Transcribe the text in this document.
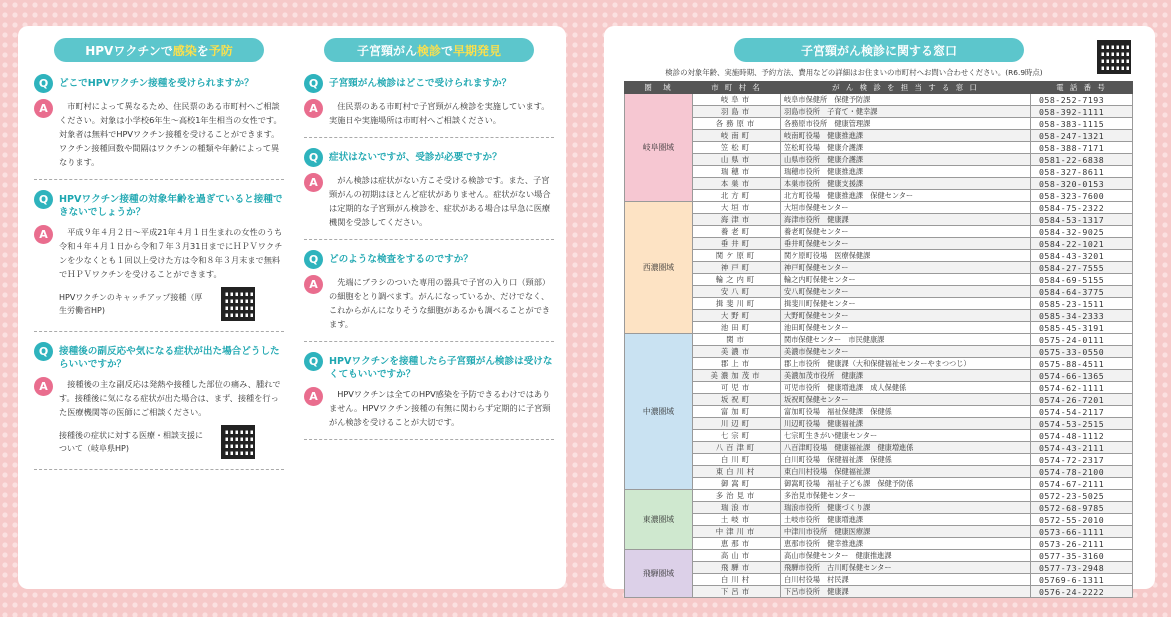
HPVワクチンで 感染 を 予防
Q	どこでHPVワクチン接種を受けられますか？
A	市町村によって異なるため、住民票のある市町村へご相談ください。対象は小学校6年生〜高校1年生相当の女性です。対象者は無料でHPVワクチン接種を受けることができます。ワクチン接種回数や間隔はワクチンの種類や年齢によって異なります。
Q	HPVワクチン接種の対象年齢を過ぎていると接種できないでしょうか？
A	平成９年４月２日〜平成21年４月１日生まれの女性のうち令和４年４月１日から令和７年３月31日までにＨＰＶワクチンを少なくとも１回以上受けた方は令和８年３月末まで無料でＨＰＶワクチンを受けることができます。
HPVワクチンのキャッチアップ接種（厚生労働省HP)
Q	接種後の副反応や気になる症状が出た場合どうしたらいいですか？
A	接種後の主な副反応は発熱や接種した部位の痛み、腫れです。接種後に気になる症状が出た場合は、まず、接種を行った医療機関等の医師にご相談ください。
接種後の症状に対する医療・相談支援について（岐阜県HP)
子宮頸がん 検診 で 早期発見
Q	子宮頸がん検診はどこで受けられますか？
A	住民票のある市町村で子宮頸がん検診を実施しています。実施日や実施場所は市町村へご相談ください。
Q	症状はないですが、受診が必要ですか？
A	がん検診は症状がない方こそ受ける検診です。また、子宮頸がんの初期はほとんど症状がありません。症状がない場合は定期的な子宮頸がん検診を、症状がある場合は早急に医療機関を受診してください。
Q	どのような検査をするのですか？
A	先端にブラシのついた専用の器具で子宮の入り口（頸部）の細胞をとり調べます。がんになっているか、だけでなく、これからがんになりそうな細胞があるかも調べることができます。
Q	HPVワクチンを接種したら子宮頸がん検診は受けなくてもいいですか？
A	HPVワクチンは全てのHPV感染を予防できるわけではありません。HPVワクチン接種の有無に関わらず定期的に子宮頸がん検診を受けることが大切です。
子宮頸がん検診に関する窓口
検診の対象年齢、実施時期、予約方法、費用などの詳細はお住まいの市町村へお問い合わせください。(R6.9時点)
圏　域	市 町 村 名	が ん 検 診 を 担 当 す る 窓 口	電 話 番 号
岐阜圏域	岐阜市	岐阜市保健所　保健予防課	058-252-7193
	羽島市	羽島市役所　子育て・健幸課	058-392-1111
	各務原市	各務原市役所　健康管理課	058-383-1115
	岐南町	岐南町役場　健康推進課	058-247-1321
	笠松町	笠松町役場　健康介護課	058-388-7171
	山県市	山県市役所　健康介護課	0581-22-6838
	瑞穂市	瑞穂市役所　健康推進課	058-327-8611
	本巣市	本巣市役所　健康支援課	058-320-0153
	北方町	北方町役場　健康推進課　保健センター	058-323-7600
西濃圏域	大垣市	大垣市保健センター	0584-75-2322
	海津市	海津市役所　健康課	0584-53-1317
	養老町	養老町保健センター	0584-32-9025
	垂井町	垂井町保健センター	0584-22-1021
	関ケ原町	関ケ原町役場　医療保健課	0584-43-3201
	神戸町	神戸町保健センター	0584-27-7555
	輪之内町	輪之内町保健センター	0584-69-5155
	安八町	安八町保健センター	0584-64-3775
	揖斐川町	揖斐川町保健センター	0585-23-1511
	大野町	大野町保健センター	0585-34-2333
	池田町	池田町保健センター	0585-45-3191
中濃圏域	関市	関市保健センター　市民健康課	0575-24-0111
	美濃市	美濃市保健センター	0575-33-0550
	郡上市	郡上市役所　健康課（大和保健福祉センターやまつつじ）	0575-88-4511
	美濃加茂市	美濃加茂市役所　健康課	0574-66-1365
	可児市	可児市役所　健康増進課　成人保健係	0574-62-1111
	坂祝町	坂祝町保健センター	0574-26-7201
	富加町	富加町役場　福祉保健課　保健係	0574-54-2117
	川辺町	川辺町役場　健康福祉課	0574-53-2515
	七宗町	七宗町生きがい健康センター	0574-48-1112
	八百津町	八百津町役場　健康福祉課　健康増進係	0574-43-2111
	白川町	白川町役場　保健福祉課　保健係	0574-72-2317
	東白川村	東白川村役場　保健福祉課	0574-78-2100
	御嵩町	御嵩町役場　福祉子ども課　保健予防係	0574-67-2111
東濃圏域	多治見市	多治見市保健センター	0572-23-5025
	瑞浪市	瑞浪市役所　健康づくり課	0572-68-9785
	土岐市	土岐市役所　健康増進課	0572-55-2010
	中津川市	中津川市役所　健康医療課	0573-66-1111
	恵那市	恵那市役所　健幸推進課	0573-26-2111
飛騨圏域	高山市	高山市保健センター　健康推進課	0577-35-3160
	飛騨市	飛騨市役所　古川町保健センター	0577-73-2948
	白川村	白川村役場　村民課	05769-6-1311
	下呂市	下呂市役所　健康課	0576-24-2222
